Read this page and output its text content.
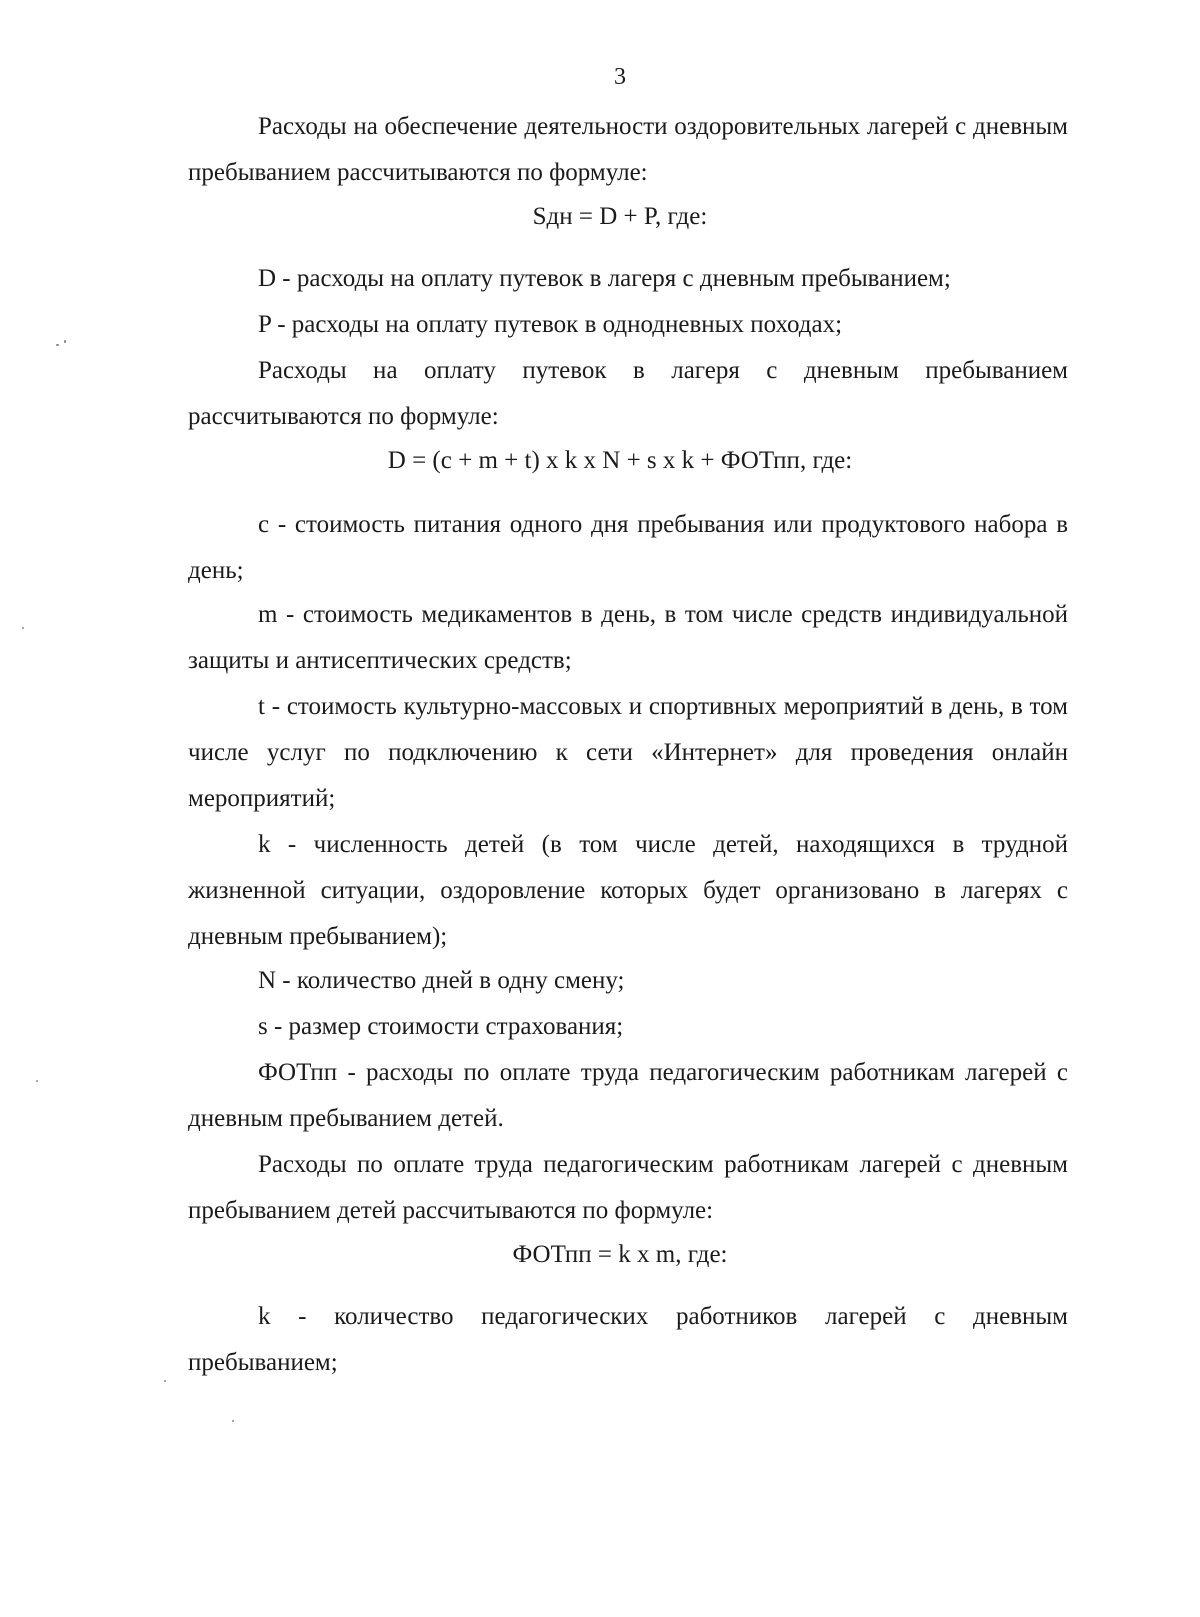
3

Расходы на обеспечение деятельности оздоровительных лагерей с дневным пребыванием рассчитываются по формуле:

Sдн = D + P, где:

D - расходы на оплату путевок в лагеря с дневным пребыванием;

P - расходы на оплату путевок в однодневных походах;

Расходы на оплату путевок в лагеря с дневным пребыванием рассчитываются по формуле:

D = (c + m + t) x k x N + s x k + ФОТпп, где:

c - стоимость питания одного дня пребывания или продуктового набора в день;

m - стоимость медикаментов в день, в том числе средств индивидуальной защиты и антисептических средств;

t - стоимость культурно-массовых и спортивных мероприятий в день, в том числе услуг по подключению к сети «Интернет» для проведения онлайн мероприятий;

k - численность детей (в том числе детей, находящихся в трудной жизненной ситуации, оздоровление которых будет организовано в лагерях с дневным пребыванием);

N - количество дней в одну смену;

s - размер стоимости страхования;

ФОТпп - расходы по оплате труда педагогическим работникам лагерей с дневным пребыванием детей.

Расходы по оплате труда педагогическим работникам лагерей с дневным пребыванием детей рассчитываются по формуле:

ФОТпп = k x m, где:

k - количество педагогических работников лагерей с дневным пребыванием;
